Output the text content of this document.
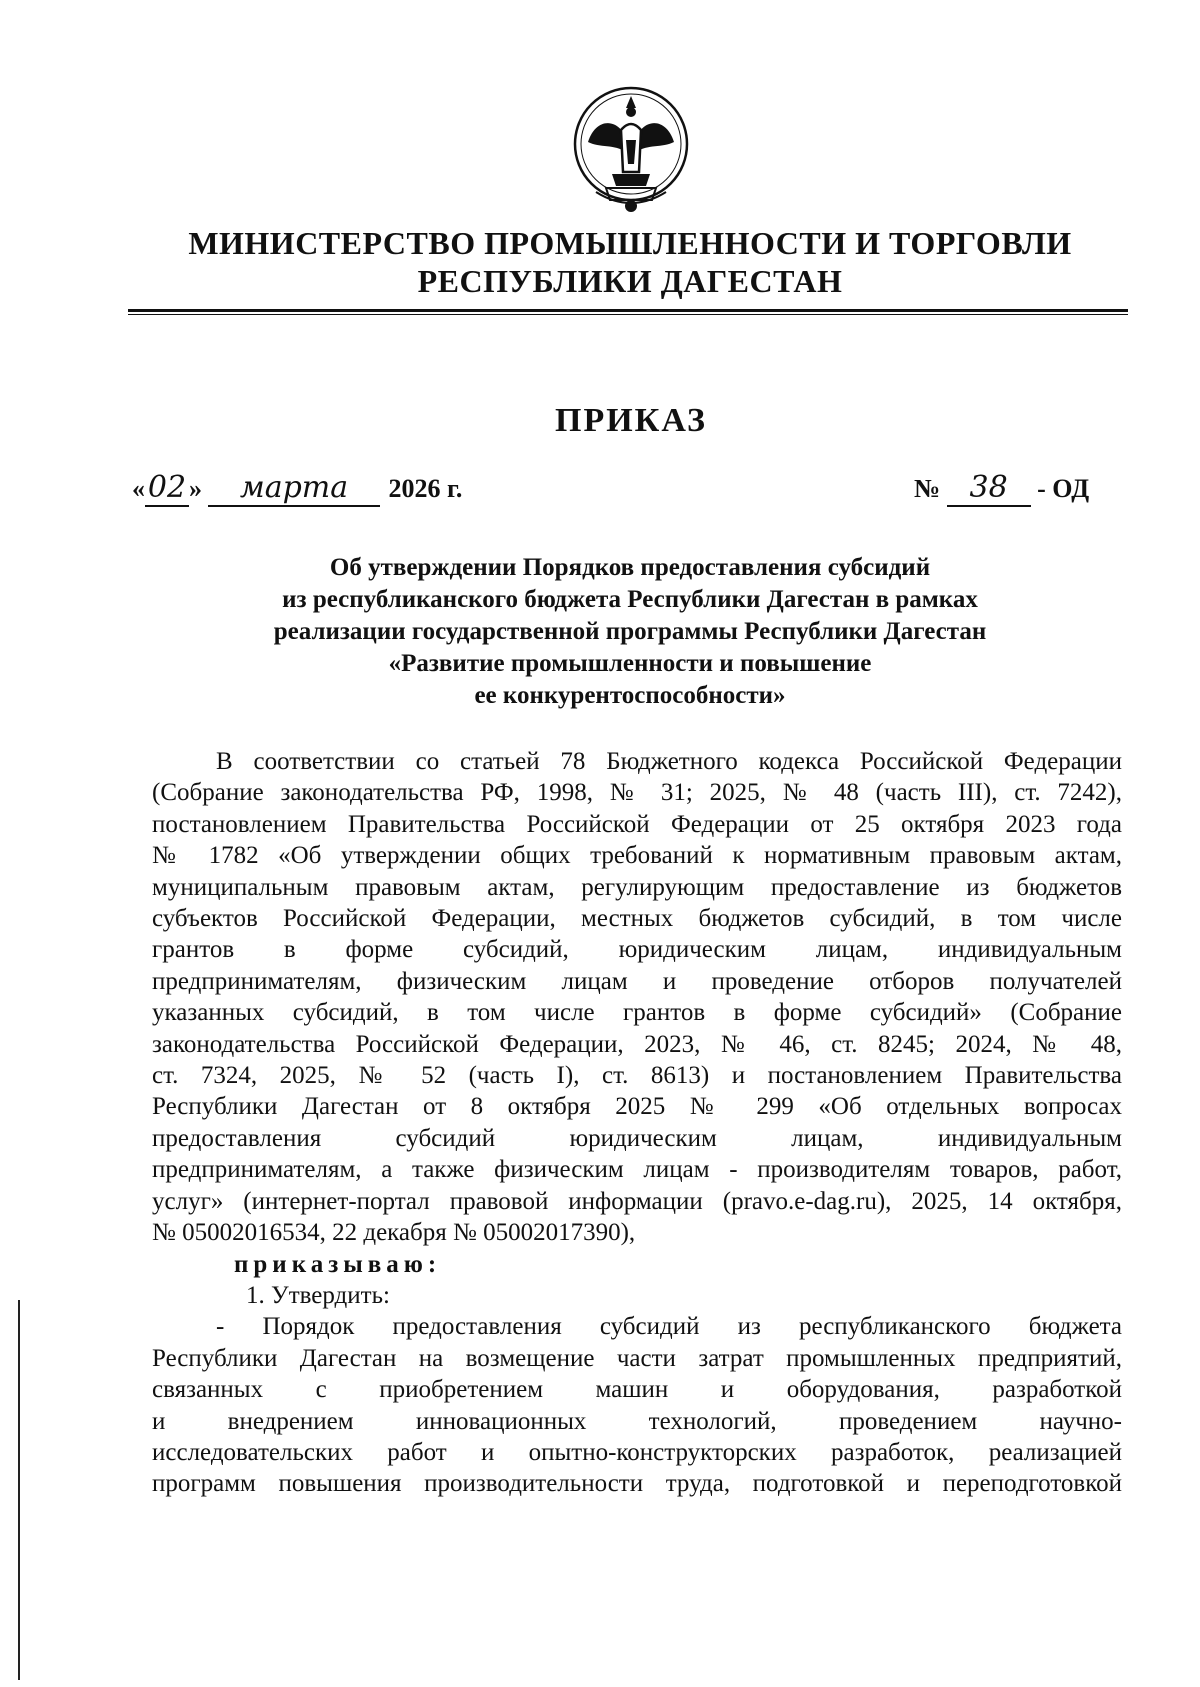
МИНИСТЕРСТВО ПРОМЫШЛЕННОСТИ И ТОРГОВЛИ
РЕСПУБЛИКИ ДАГЕСТАН
ПРИКАЗ
«02 » марта 2026 г.	№ 38 - ОД
Об утверждении Порядков предоставления субсидий
из республиканского бюджета Республики Дагестан в рамках
реализации государственной программы Республики Дагестан
«Развитие промышленности и повышение
ее конкурентоспособности»
В соответствии со статьей 78 Бюджетного кодекса Российской Федерации
(Собрание законодательства РФ, 1998, № 31; 2025, № 48 (часть III), ст. 7242),
постановлением Правительства Российской Федерации от 25 октября 2023 года
№ 1782 «Об утверждении общих требований к нормативным правовым актам,
муниципальным правовым актам, регулирующим предоставление из бюджетов
субъектов Российской Федерации, местных бюджетов субсидий, в том числе
грантов в форме субсидий, юридическим лицам, индивидуальным
предпринимателям, физическим лицам и проведение отборов получателей
указанных субсидий, в том числе грантов в форме субсидий» (Собрание
законодательства Российской Федерации, 2023, № 46, ст. 8245; 2024, № 48,
ст. 7324, 2025, № 52 (часть I), ст. 8613) и постановлением Правительства
Республики Дагестан от 8 октября 2025 № 299 «Об отдельных вопросах
предоставления субсидий юридическим лицам, индивидуальным
предпринимателям, а также физическим лицам - производителям товаров, работ,
услуг» (интернет-портал правовой информации (pravo.e-dag.ru), 2025, 14 октября,
№ 05002016534, 22 декабря № 05002017390),
приказываю:
1. Утвердить:
- Порядок предоставления субсидий из республиканского бюджета
Республики Дагестан на возмещение части затрат промышленных предприятий,
связанных с приобретением машин и оборудования, разработкой
и внедрением инновационных технологий, проведением научно-
исследовательских работ и опытно-конструкторских разработок, реализацией
программ повышения производительности труда, подготовкой и переподготовкой
